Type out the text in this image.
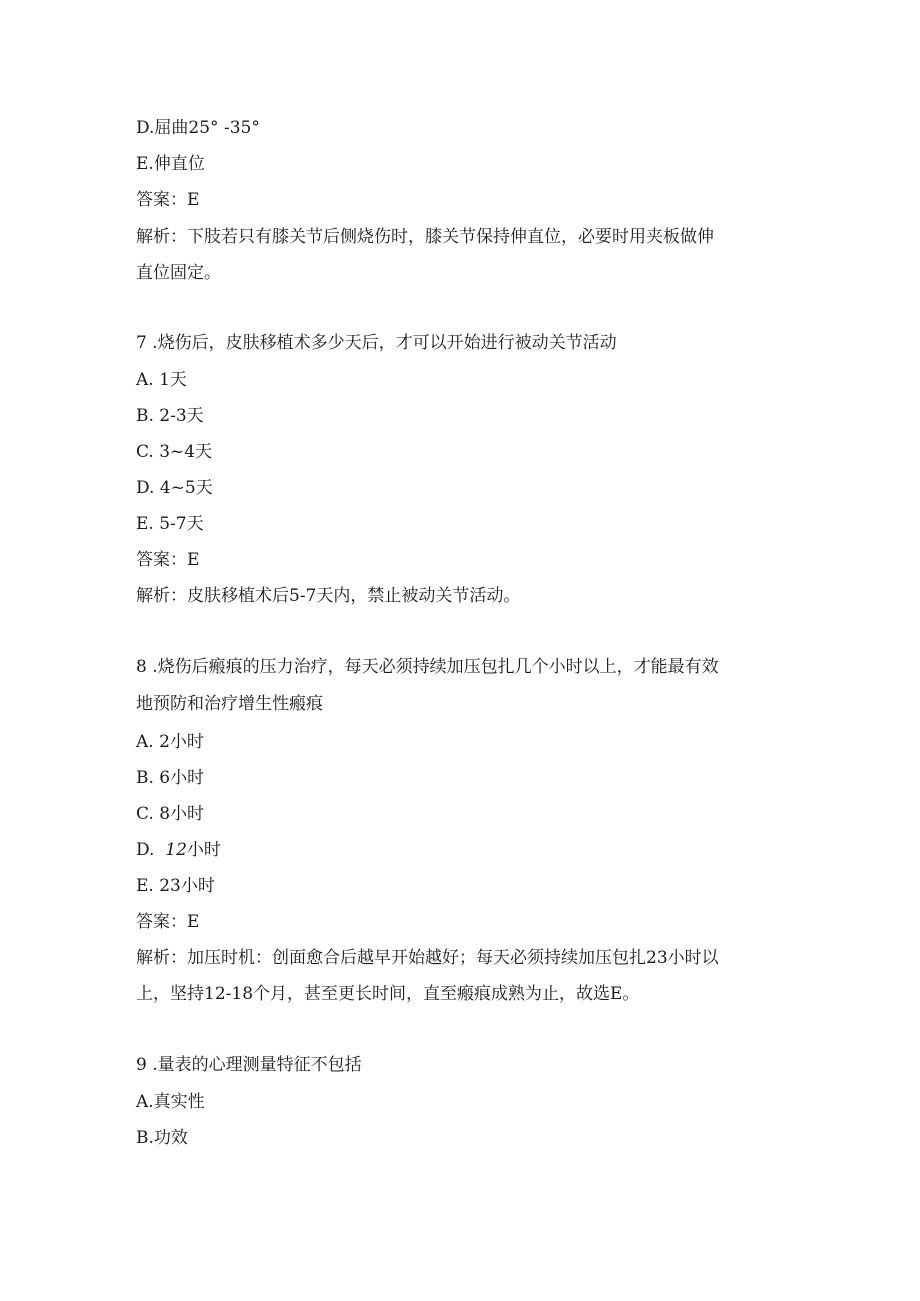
D.屈曲25° -35°

E.伸直位

答案：E

解析：下肢若只有膝关节后侧烧伤时，膝关节保持伸直位，必要时用夹板做伸

直位固定。

7 .烧伤后，皮肤移植术多少天后，才可以开始进行被动关节活动

A. 1天

B. 2-3天

C. 3~4天

D. 4~5天

E. 5-7天

答案：E

解析：皮肤移植术后5-7天内，禁止被动关节活动。

8 .烧伤后瘢痕的压力治疗，每天必须持续加压包扎几个小时以上，才能最有效

地预防和治疗增生性瘢痕

A. 2小时

B. 6小时

C. 8小时

D.  12小时

E. 23小时

答案：E

解析：加压时机：创面愈合后越早开始越好；每天必须持续加压包扎23小时以

上，坚持12-18个月，甚至更长时间，直至瘢痕成熟为止，故选E。

9 .量表的心理测量特征不包括

A.真实性

B.功效
